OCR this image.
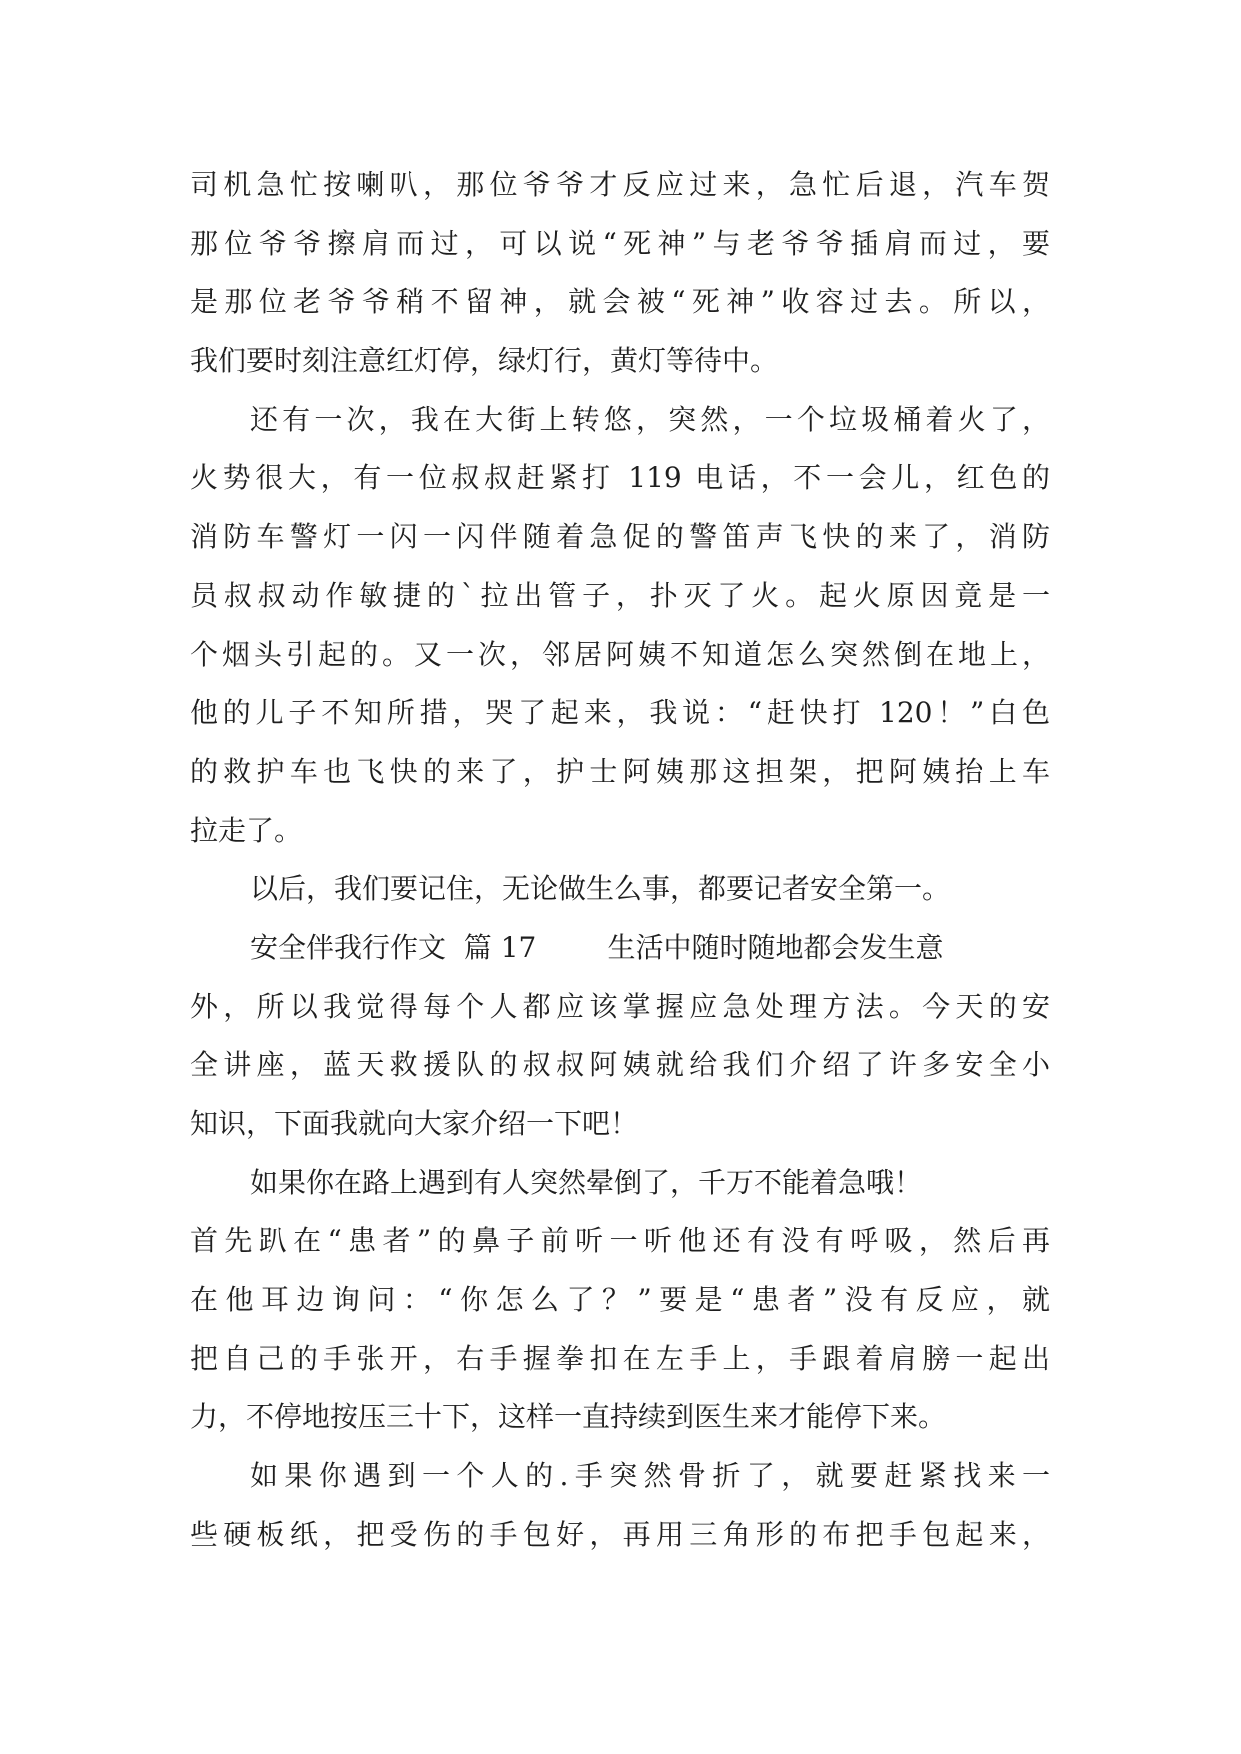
司机急忙按喇叭，那位爷爷才反应过来，急忙后退，汽车贺
那位爷爷擦肩而过，可以说“死神”与老爷爷插肩而过，要
是那位老爷爷稍不留神，就会被“死神”收容过去。所以，
我们要时刻注意红灯停，绿灯行，黄灯等待中。
还有一次，我在大街上转悠，突然，一个垃圾桶着火了，
火势很大，有一位叔叔赶紧打 119 电话，不一会儿，红色的
消防车警灯一闪一闪伴随着急促的警笛声飞快的来了，消防
员叔叔动作敏捷的`拉出管子，扑灭了火。起火原因竟是一
个烟头引起的。又一次，邻居阿姨不知道怎么突然倒在地上，
他的儿子不知所措，哭了起来，我说：“赶快打 120！”白色
的救护车也飞快的来了，护士阿姨那这担架，把阿姨抬上车
拉走了。
以后，我们要记住，无论做生么事，都要记者安全第一。
安全伴我行作文  篇 17        生活中随时随地都会发生意
外，所以我觉得每个人都应该掌握应急处理方法。今天的安
全讲座，蓝天救援队的叔叔阿姨就给我们介绍了许多安全小
知识，下面我就向大家介绍一下吧！
如果你在路上遇到有人突然晕倒了，千万不能着急哦！
首先趴在“患者”的鼻子前听一听他还有没有呼吸，然后再
在他耳边询问：“你怎么了？”要是“患者”没有反应，就
把自己的手张开，右手握拳扣在左手上，手跟着肩膀一起出
力，不停地按压三十下，这样一直持续到医生来才能停下来。
如果你遇到一个人的.手突然骨折了，就要赶紧找来一
些硬板纸，把受伤的手包好，再用三角形的布把手包起来，
